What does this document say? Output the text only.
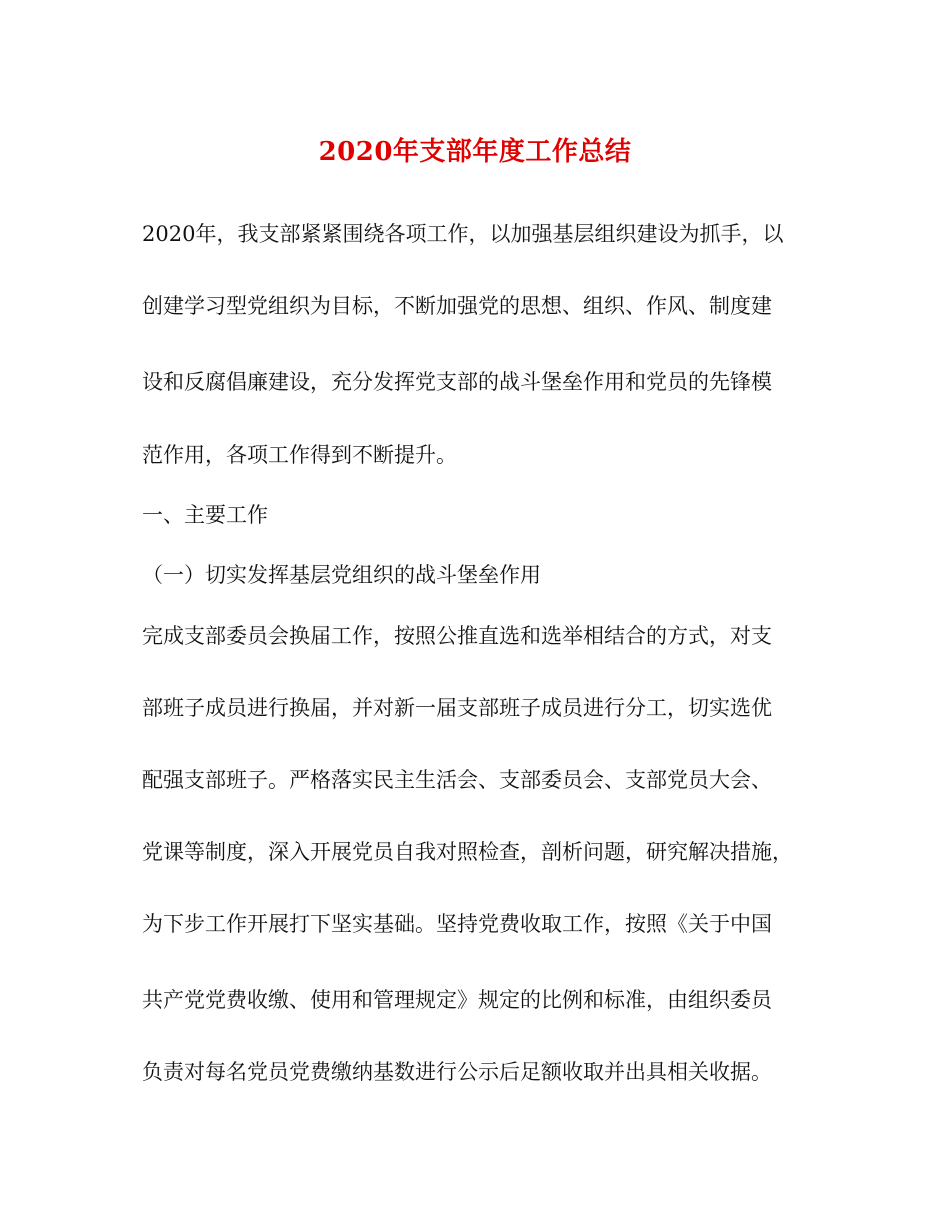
2020年支部年度工作总结
2020年，我支部紧紧围绕各项工作，以加强基层组织建设为抓手，以
创建学习型党组织为目标，不断加强党的思想、组织、作风、制度建
设和反腐倡廉建设，充分发挥党支部的战斗堡垒作用和党员的先锋模
范作用，各项工作得到不断提升。
一、主要工作
（一）切实发挥基层党组织的战斗堡垒作用
完成支部委员会换届工作，按照公推直选和选举相结合的方式，对支
部班子成员进行换届，并对新一届支部班子成员进行分工，切实选优
配强支部班子。严格落实民主生活会、支部委员会、支部党员大会、
党课等制度，深入开展党员自我对照检查，剖析问题，研究解决措施，
为下步工作开展打下坚实基础。坚持党费收取工作，按照《关于中国
共产党党费收缴、使用和管理规定》规定的比例和标准，由组织委员
负责对每名党员党费缴纳基数进行公示后足额收取并出具相关收据。
